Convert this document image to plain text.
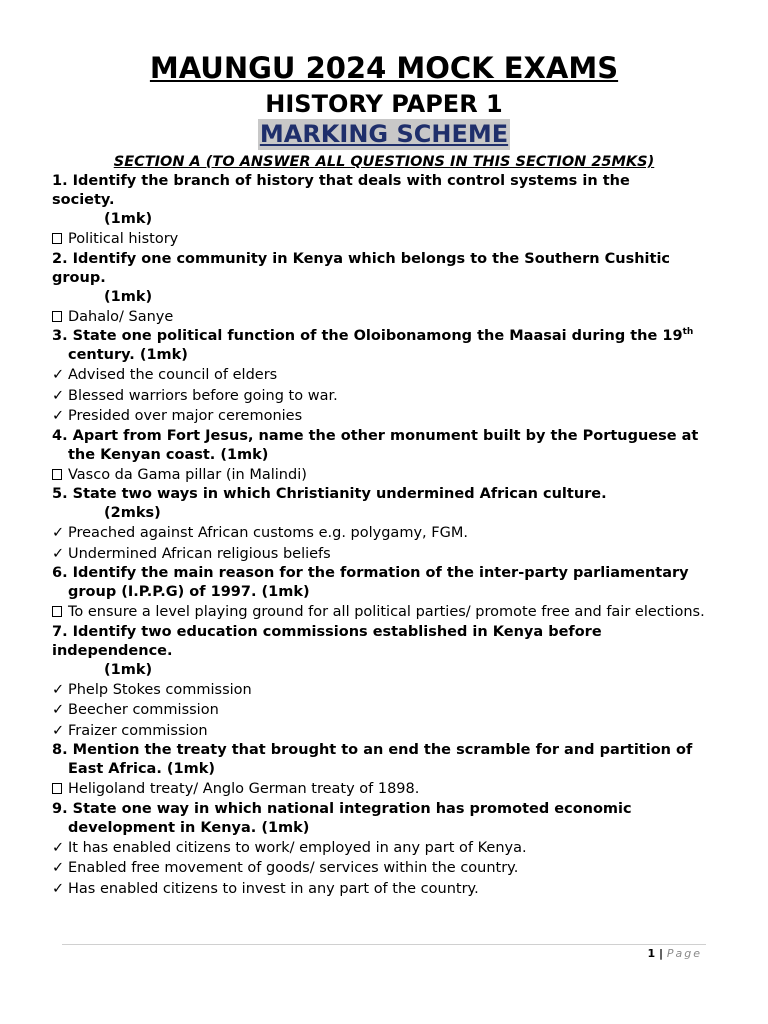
MAUNGU 2024 MOCK EXAMS
HISTORY PAPER 1
MARKING SCHEME
SECTION A (TO ANSWER ALL QUESTIONS IN THIS SECTION 25MKS)

1. Identify the branch of history that deals with control systems in the

society.

(1mk)

Political history

2. Identify one community in Kenya which belongs to the Southern Cushitic

group.

(1mk)

Dahalo/ Sanye

3. State one political function of the Oloibonamong the Maasai during the 19th century. (1mk)

✓ Advised the council of elders

✓ Blessed warriors before going to war.

✓ Presided over major ceremonies

4. Apart from Fort Jesus, name the other monument built by the Portuguese at the Kenyan coast. (1mk)

Vasco da Gama pillar (in Malindi)

5. State two ways in which Christianity undermined African culture.

(2mks)

✓ Preached against African customs e.g. polygamy, FGM.

✓ Undermined African religious beliefs

6. Identify the main reason for the formation of the inter-party parliamentary group (I.P.P.G) of 1997. (1mk)

To ensure a level playing ground for all political parties/ promote free and fair elections.

7. Identify two education commissions established in Kenya before

independence.

(1mk)

✓ Phelp Stokes commission

✓ Beecher commission

✓ Fraizer commission

8. Mention the treaty that brought to an end the scramble for and partition of East Africa. (1mk)

Heligoland treaty/ Anglo German treaty of 1898.

9. State one way in which national integration has promoted economic development in Kenya. (1mk)

✓ It has enabled citizens to work/ employed in any part of Kenya.

✓ Enabled free movement of goods/ services within the country.

✓ Has enabled citizens to invest in any part of the country.

1 | Page
